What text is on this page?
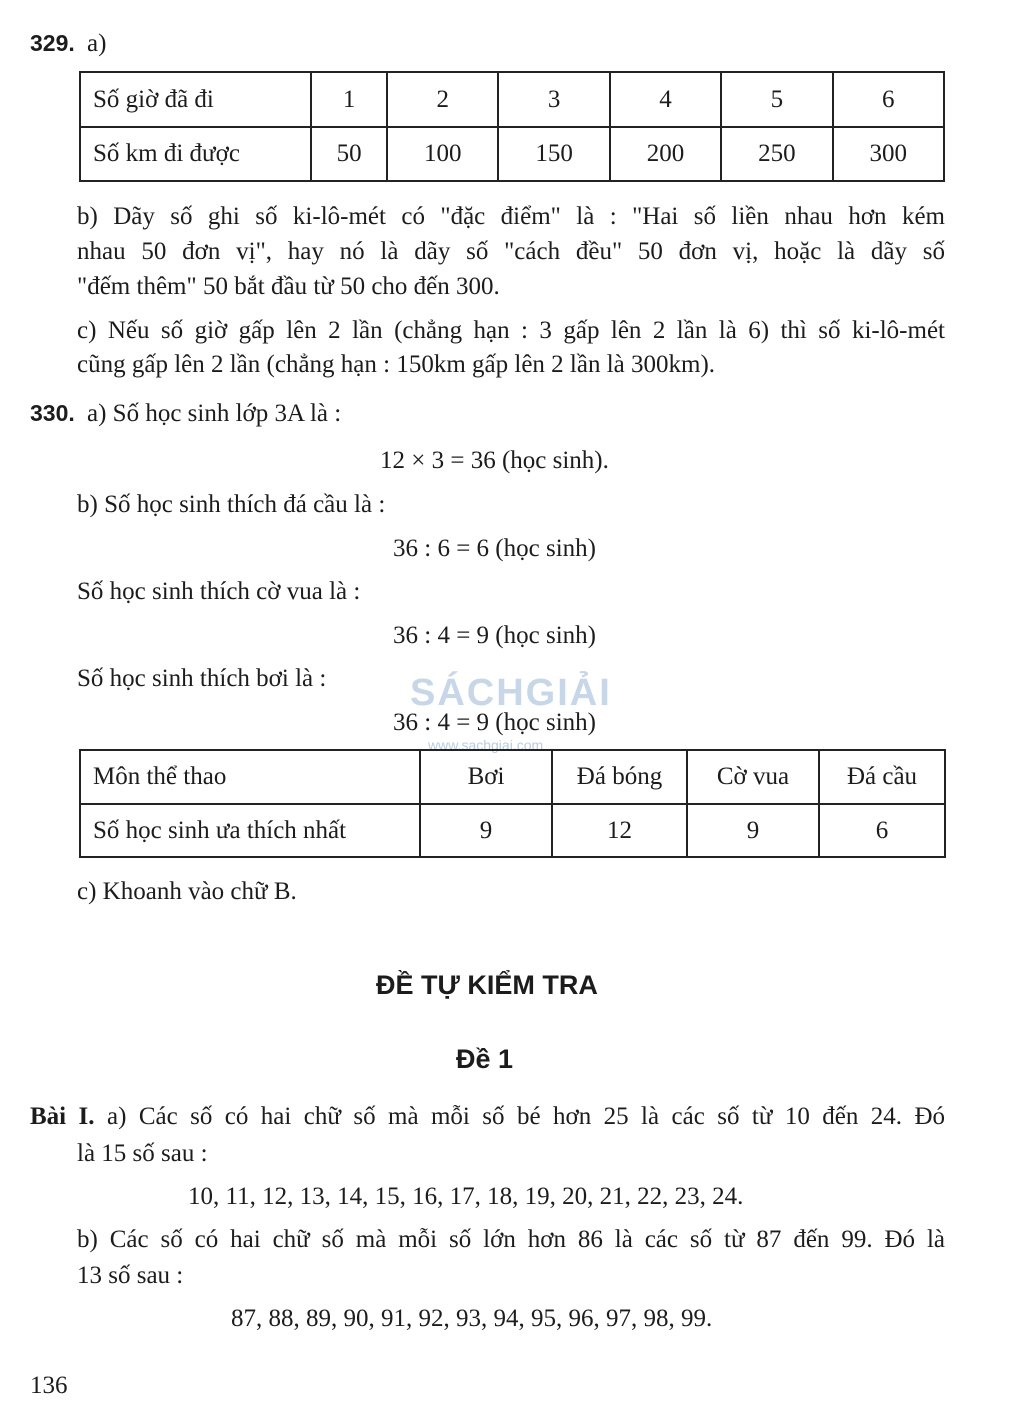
329. a)
Số giờ đã đi	1	2	3	4	5	6
Số km đi được	50	100	150	200	250	300
b) Dãy số ghi số ki-lô-mét có "đặc điểm" là : "Hai số liền nhau hơn kém
nhau 50 đơn vị", hay nó là dãy số "cách đều" 50 đơn vị, hoặc là dãy số
"đếm thêm" 50 bắt đầu từ 50 cho đến 300.
c) Nếu số giờ gấp lên 2 lần (chẳng hạn : 3 gấp lên 2 lần là 6) thì số ki-lô-mét
cũng gấp lên 2 lần (chẳng hạn : 150km gấp lên 2 lần là 300km).
330. a) Số học sinh lớp 3A là :
12 × 3 = 36 (học sinh).
b) Số học sinh thích đá cầu là :
36 : 6 = 6 (học sinh)
Số học sinh thích cờ vua là :
36 : 4 = 9 (học sinh)
Số học sinh thích bơi là :
36 : 4 = 9 (học sinh)
SÁCHGIẢI
www.sachgiai.com
Môn thể thao	Bơi	Đá bóng	Cờ vua	Đá cầu
Số học sinh ưa thích nhất	9	12	9	6
c) Khoanh vào chữ B.
ĐỀ TỰ KIỂM TRA
Đề 1
Bài I. a) Các số có hai chữ số mà mỗi số bé hơn 25 là các số từ 10 đến 24. Đó
là 15 số sau :
10, 11, 12, 13, 14, 15, 16, 17, 18, 19, 20, 21, 22, 23, 24.
b) Các số có hai chữ số mà mỗi số lớn hơn 86 là các số từ 87 đến 99. Đó là
13 số sau :
87, 88, 89, 90, 91, 92, 93, 94, 95, 96, 97, 98, 99.
136
